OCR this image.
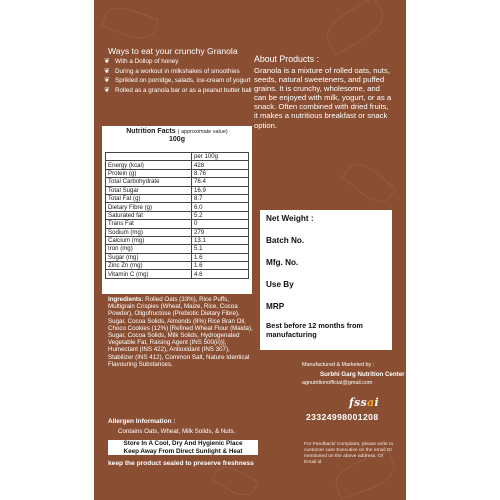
Ways to eat your crunchy Granola
❦ With a Dollop of honey
❦ During a workout in milkshakes of smoothies
❦ Sprikled on porridge, salads, ice-cream of yogurt
❦ Rolled as a granola bar or as a peanut butter ball
Nutrition Facts ( approximate value)
100g
	per 100g
Energy (kcal)	428
Protein (g)	8.76
Total Carbohydrate	76.4
Total Sugar	16.9
Total Fat (g)	8.7
Dietary Fibre (g)	6.0
Saturated fat	5.2
Trans Fat	0
Sodium (mg)	279
Calcium (mg)	13.1
Iron (mg)	5.1
Sugar (mg)	1.6
Zinc Zn (mg)	1.6
Vitamin C (mg)	4.6
About Products :
Granola is a mixture of rolled oats, nuts, seeds, natural sweeteners, and puffed grains. It is crunchy, wholesome, and can be enjoyed with milk, yogurt, or as a snack. Often combined with dried fruits, it makes a nutritious breakfast or snack option.
Net Weight :
Batch No.
Mfg. No.
Use By
MRP
Best before 12 months from manufacturing
Ingredients: Rolled Oats (33%), Rice Puffs, Multigrain Crispies (Wheat, Maize, Rice, Cocoa Powder), Oligofructose (Prebiotic Dietary Fibre), Sugar, Cocoa Solids, Almonds (8%) Rice Bran Oil, Choco Cookies (12%) [Refined Wheat Flour (Maida), Sugar, Cocoa Solids, Milk Solids, Hydrogenated Vegetable Fat, Raising Agent (INS 500(ii))], Humectant (INS 422), Antioxidant (INS 307), Stabilizer (INS 412), Common Salt, Nature Identical Flavouring Substances.
Allergen Information :
Contains Oats, Wheat, Milk Solids, & Nuts.
Store In A Cool, Dry And Hygienic Place
Keep Away From Direct Sunlight & Heat
keep the product sealed to preserve freshness
Manufactured & Marketed by :
Surbhi Garg Nutrition Center
agnutritionofficial@gmail.com
fssai
23324998001208
For Feedback/ Complaint, please write to customer care Executive on the email ID mentioned on the above address. Or Email id
